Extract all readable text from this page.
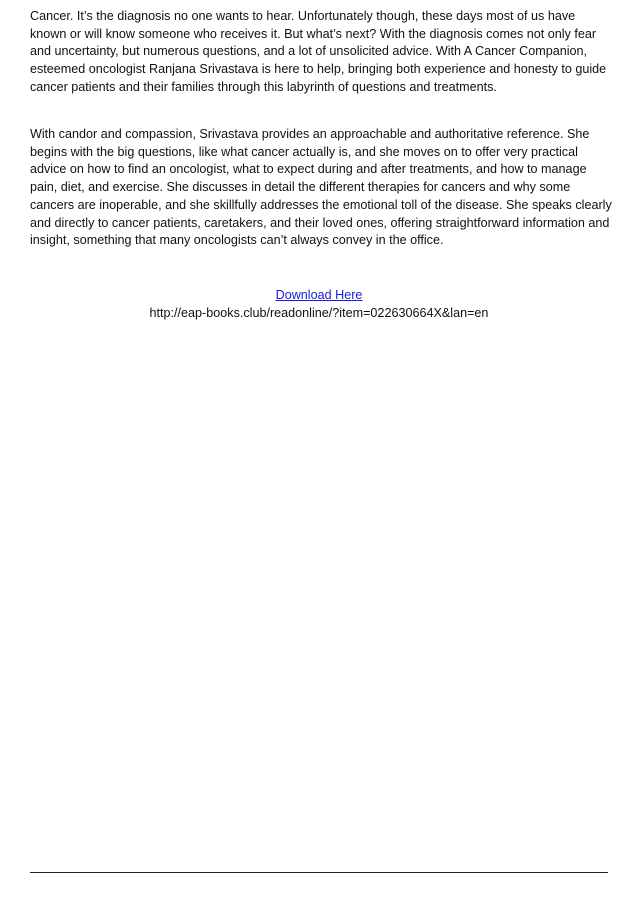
Cancer. It’s the diagnosis no one wants to hear. Unfortunately though, these days most of us have known or will know someone who receives it. But what’s next? With the diagnosis comes not only fear and uncertainty, but numerous questions, and a lot of unsolicited advice. With A Cancer Companion, esteemed oncologist Ranjana Srivastava is here to help, bringing both experience and honesty to guide cancer patients and their families through this labyrinth of questions and treatments.

With candor and compassion, Srivastava provides an approachable and authoritative reference. She begins with the big questions, like what cancer actually is, and she moves on to offer very practical advice on how to find an oncologist, what to expect during and after treatments, and how to manage pain, diet, and exercise. She discusses in detail the different therapies for cancers and why some cancers are inoperable, and she skillfully addresses the emotional toll of the disease. She speaks clearly and directly to cancer patients, caretakers, and their loved ones, offering straightforward information and insight, something that many oncologists can’t always convey in the office.

Download Here
http://eap-books.club/readonline/?item=022630664X&lan=en
